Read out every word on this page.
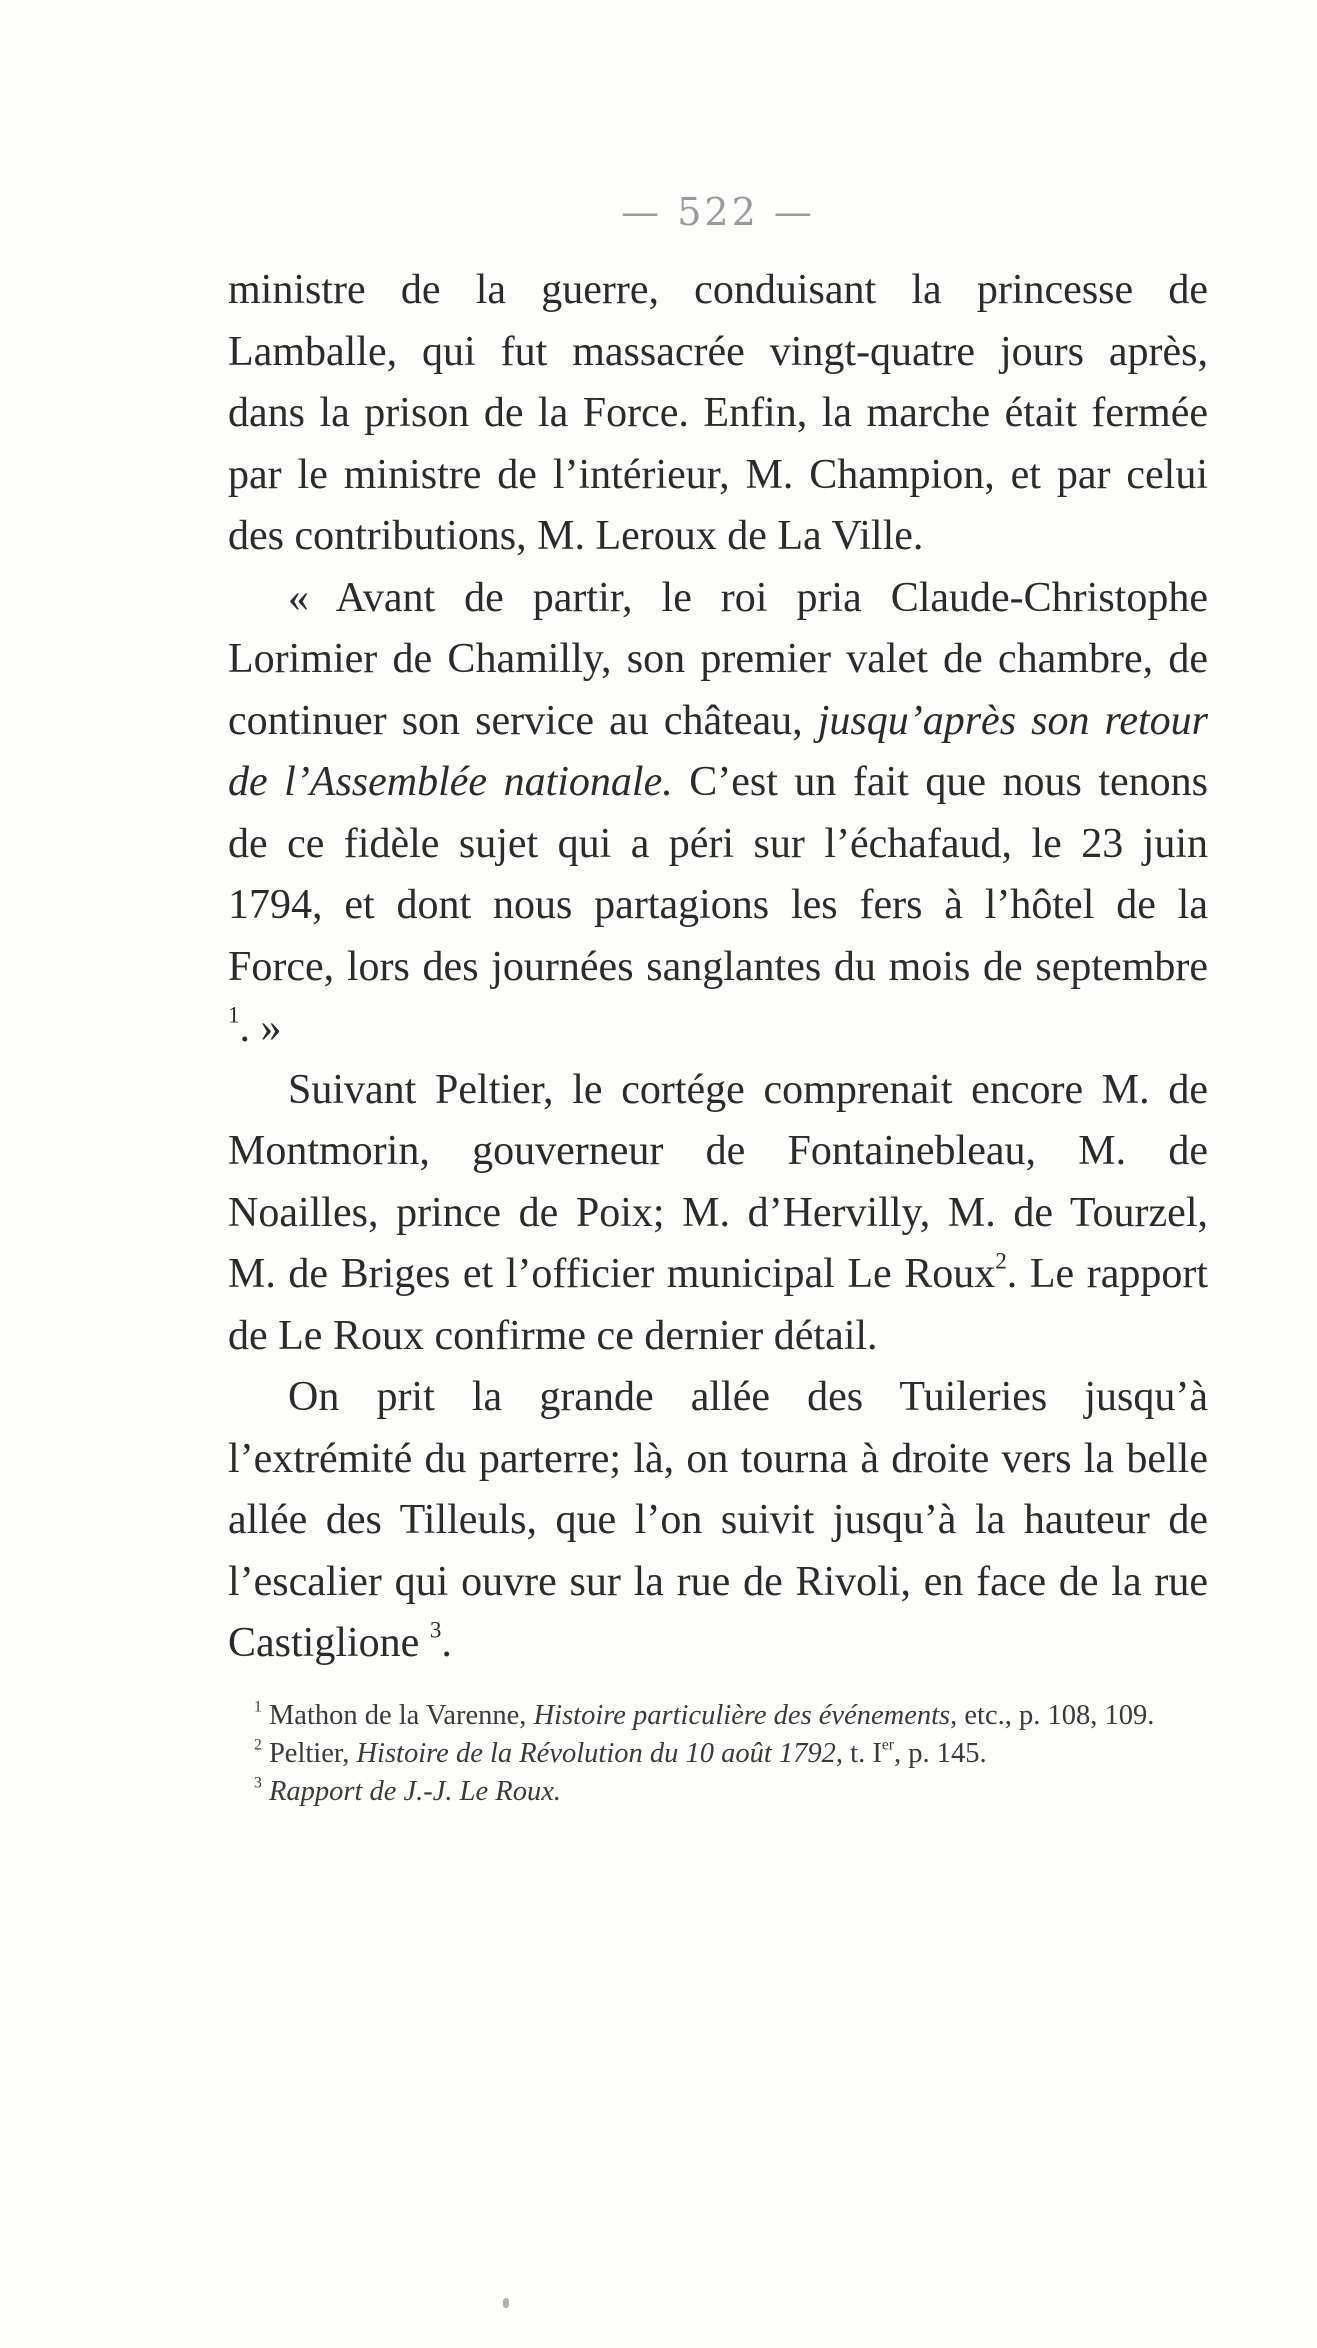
— 522 —

ministre de la guerre, conduisant la princesse de Lamballe, qui fut massacrée vingt-quatre jours après, dans la prison de la Force. Enfin, la marche était fermée par le ministre de l’intérieur, M. Champion, et par celui des contributions, M. Leroux de La Ville.

« Avant de partir, le roi pria Claude-Christophe Lorimier de Chamilly, son premier valet de chambre, de continuer son service au château, jusqu’après son retour de l’Assemblée nationale. C’est un fait que nous tenons de ce fidèle sujet qui a péri sur l’échafaud, le 23 juin 1794, et dont nous partagions les fers à l’hôtel de la Force, lors des journées sanglantes du mois de septembre $^1$. »

Suivant Peltier, le cortége comprenait encore M. de Montmorin, gouverneur de Fontainebleau, M. de Noailles, prince de Poix; M. d’Hervilly, M. de Tourzel, M. de Briges et l’officier municipal Le Roux$^2$. Le rapport de Le Roux confirme ce dernier détail.

On prit la grande allée des Tuileries jusqu’à l’extrémité du parterre; là, on tourna à droite vers la belle allée des Tilleuls, que l’on suivit jusqu’à la hauteur de l’escalier qui ouvre sur la rue de Rivoli, en face de la rue Castiglione $^3$.

$^1$ Mathon de la Varenne, Histoire particulière des événements, etc., p. 108, 109.

$^2$ Peltier, Histoire de la Révolution du 10 août 1792, t. Ier, p. 145.

$^3$ Rapport de J.-J. Le Roux.
